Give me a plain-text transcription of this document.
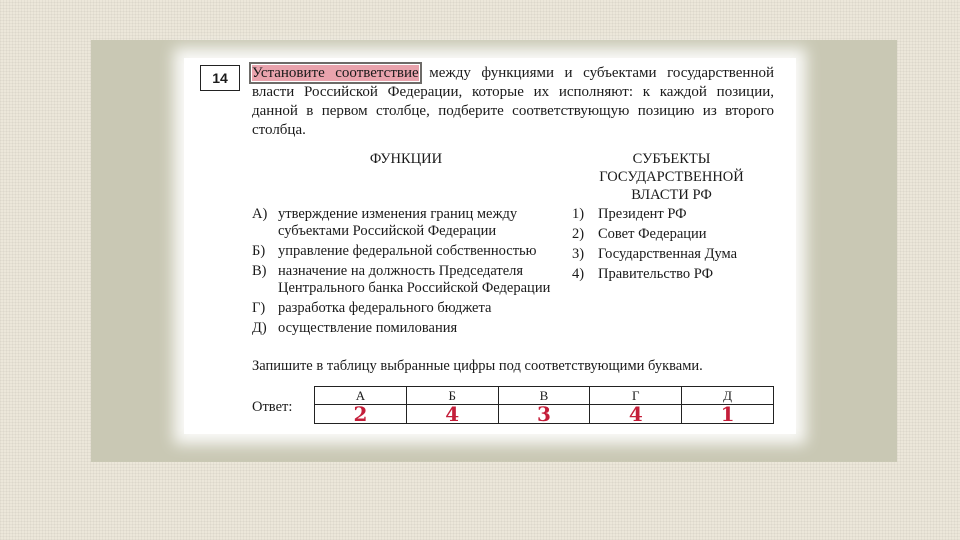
14	Установите соответствие между функциями и субъектами государственной власти Российской Федерации, которые их исполняют: к каждой позиции, данной в первом столбце, подберите соответствующую позицию из второго столбца.
ФУНКЦИИ	СУБЪЕКТЫ ГОСУДАРСТВЕННОЙ ВЛАСТИ РФ
А) утверждение изменения границ между субъектами Российской Федерации
Б) управление федеральной собственностью
В) назначение на должность Председателя Центрального банка Российской Федерации
Г) разработка федерального бюджета
Д) осуществление помилования
1) Президент РФ
2) Совет Федерации
3) Государственная Дума
4) Правительство РФ
Запишите в таблицу выбранные цифры под соответствующими буквами.
Ответ:
А	Б	В	Г	Д
2	4	3	4	1
